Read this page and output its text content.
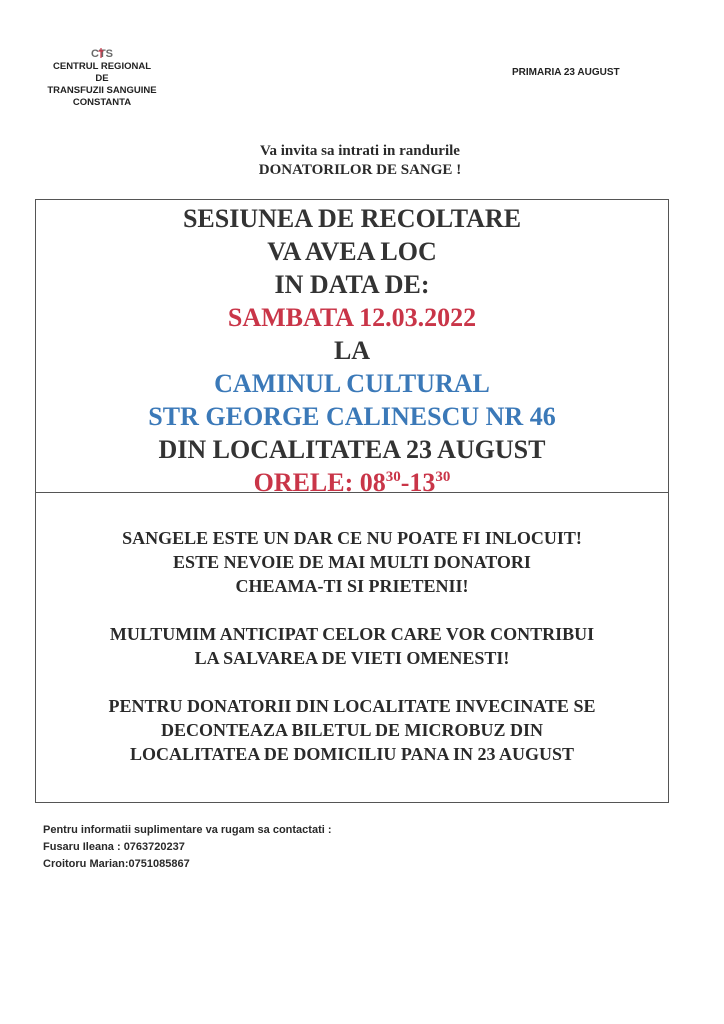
CTS
CENTRUL REGIONAL
DE
TRANSFUZII SANGUINE
CONSTANTA
PRIMARIA 23 AUGUST
Va invita sa intrati in randurile
DONATORILOR DE SANGE !
SESIUNEA DE RECOLTARE
VA AVEA LOC
IN DATA DE:
SAMBATA 12.03.2022
LA
CAMINUL CULTURAL
STR GEORGE CALINESCU NR 46
DIN LOCALITATEA 23 AUGUST
ORELE: $08^{30}-13^{30}$
SANGELE ESTE UN DAR CE NU POATE FI INLOCUIT!
ESTE NEVOIE DE MAI MULTI DONATORI
CHEAMA-TI SI PRIETENII!
MULTUMIM ANTICIPAT CELOR CARE VOR CONTRIBUI
LA SALVAREA DE VIETI OMENESTI!
PENTRU DONATORII DIN LOCALITATE INVECINATE SE
DECONTEAZA BILETUL DE MICROBUZ DIN
LOCALITATEA DE DOMICILIU PANA IN 23 AUGUST
Pentru informatii suplimentare va rugam sa contactati :
Fusaru Ileana : 0763720237
Croitoru Marian:0751085867
